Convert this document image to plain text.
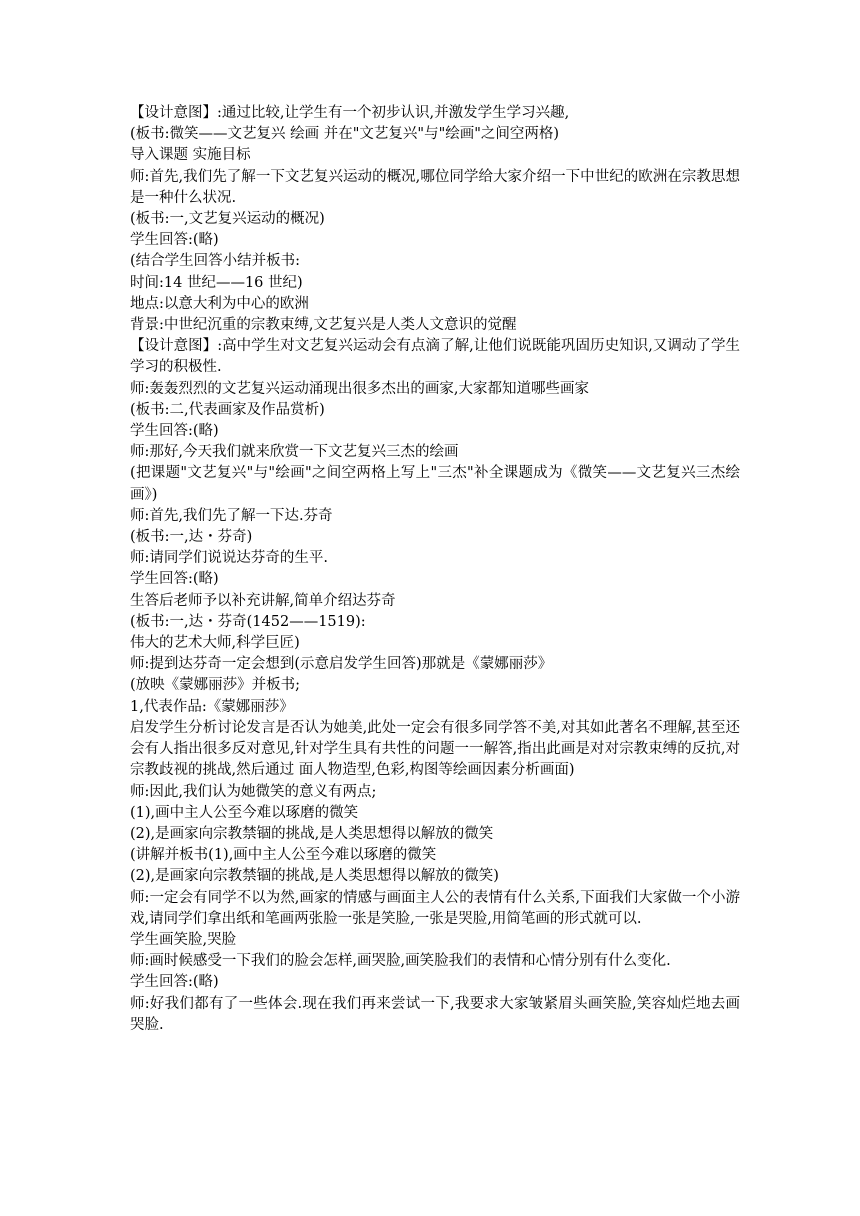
【设计意图】:通过比较,让学生有一个初步认识,并激发学生学习兴趣,
(板书:微笑——文艺复兴 绘画 并在"文艺复兴"与"绘画"之间空两格)
导入课题 实施目标
师:首先,我们先了解一下文艺复兴运动的概况,哪位同学给大家介绍一下中世纪的欧洲在宗教思想是一种什么状况.
(板书:一,文艺复兴运动的概况)
学生回答:(略)
(结合学生回答小结并板书:
时间:14 世纪——16 世纪)
地点:以意大利为中心的欧洲
背景:中世纪沉重的宗教束缚,文艺复兴是人类人文意识的觉醒
【设计意图】:高中学生对文艺复兴运动会有点滴了解,让他们说既能巩固历史知识,又调动了学生学习的积极性.
师:轰轰烈烈的文艺复兴运动涌现出很多杰出的画家,大家都知道哪些画家
(板书:二,代表画家及作品赏析)
学生回答:(略)
师:那好,今天我们就来欣赏一下文艺复兴三杰的绘画
(把课题"文艺复兴"与"绘画"之间空两格上写上"三杰"补全课题成为《微笑——文艺复兴三杰绘画》)
师:首先,我们先了解一下达.芬奇
(板书:一,达・芬奇)
师:请同学们说说达芬奇的生平.
学生回答:(略)
生答后老师予以补充讲解,简单介绍达芬奇
(板书:一,达・芬奇(1452——1519):
伟大的艺术大师,科学巨匠)
师:提到达芬奇一定会想到(示意启发学生回答)那就是《蒙娜丽莎》
(放映《蒙娜丽莎》并板书;
1,代表作品:《蒙娜丽莎》
启发学生分析讨论发言是否认为她美,此处一定会有很多同学答不美,对其如此著名不理解,甚至还会有人指出很多反对意见,针对学生具有共性的问题一一解答,指出此画是对对宗教束缚的反抗,对宗教歧视的挑战,然后通过 面人物造型,色彩,构图等绘画因素分析画面)
师:因此,我们认为她微笑的意义有两点;
(1),画中主人公至今难以琢磨的微笑
(2),是画家向宗教禁锢的挑战,是人类思想得以解放的微笑
(讲解并板书(1),画中主人公至今难以琢磨的微笑
(2),是画家向宗教禁锢的挑战,是人类思想得以解放的微笑)
师:一定会有同学不以为然,画家的情感与画面主人公的表情有什么关系,下面我们大家做一个小游戏,请同学们拿出纸和笔画两张脸一张是笑脸,一张是哭脸,用简笔画的形式就可以.
学生画笑脸,哭脸
师:画时候感受一下我们的脸会怎样,画哭脸,画笑脸我们的表情和心情分别有什么变化.
学生回答:(略)
师:好我们都有了一些体会.现在我们再来尝试一下,我要求大家皱紧眉头画笑脸,笑容灿烂地去画哭脸.
